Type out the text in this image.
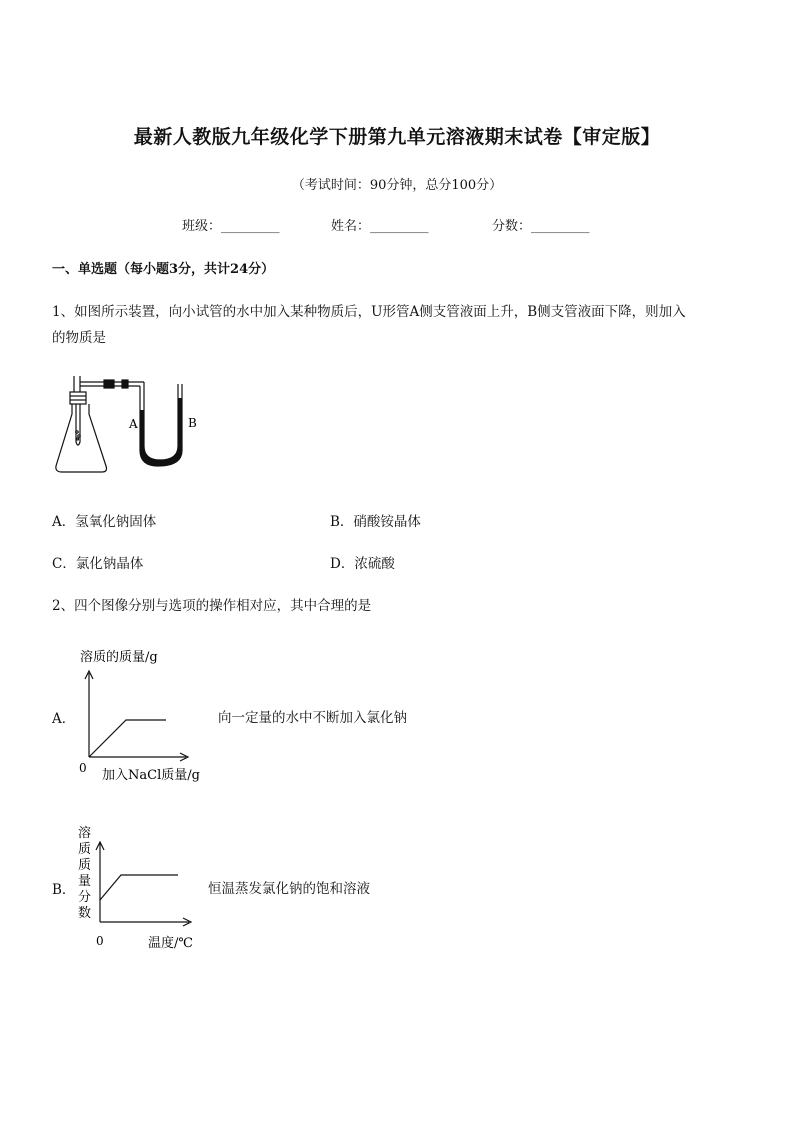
最新人教版九年级化学下册第九单元溶液期末试卷【审定版】
（考试时间：90分钟，总分100分）
班级：_________	姓名：_________	分数：_________
一、单选题（每小题3分，共计24分）
1、如图所示装置，向小试管的水中加入某种物质后，U形管A侧支管液面上升，B侧支管液面下降，则加入
的物质是
A	B
A．氢氧化钠固体	B．硝酸铵晶体
C．氯化钠晶体	D．浓硫酸
2、四个图像分别与选项的操作相对应，其中合理的是
A．
溶质的质量/g
0 加入NaCl质量/g
向一定量的水中不断加入氯化钠
B．
溶
质
质
量
分
数
0	温度/℃
恒温蒸发氯化钠的饱和溶液
